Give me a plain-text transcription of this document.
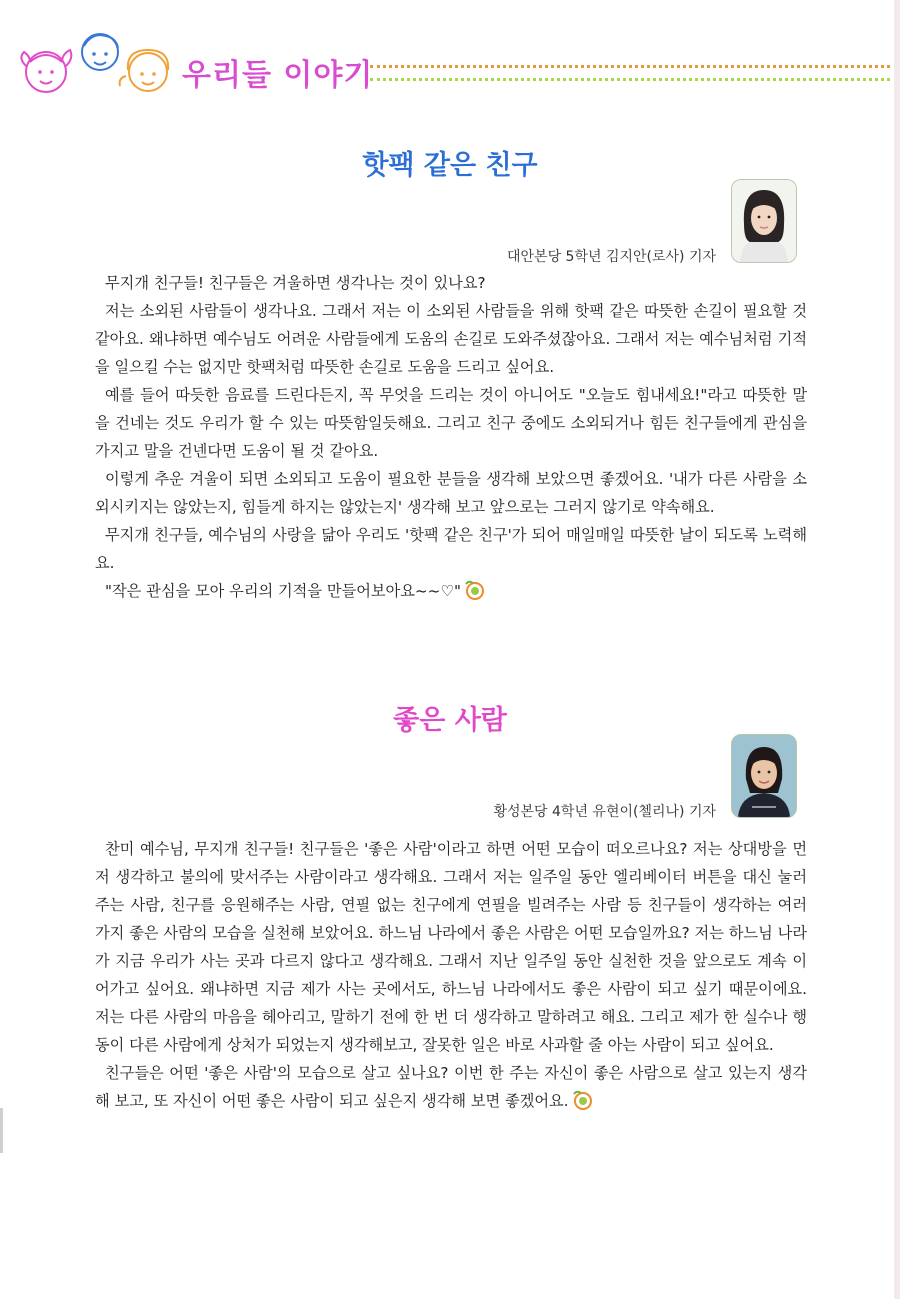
우리들 이야기
핫팩 같은 친구
대안본당 5학년 김지안(로사) 기자

무지개 친구들! 친구들은 겨울하면 생각나는 것이 있나요?

저는 소외된 사람들이 생각나요. 그래서 저는 이 소외된 사람들을 위해 핫팩 같은 따뜻한 손길이 필요할 것 같아요. 왜냐하면 예수님도 어려운 사람들에게 도움의 손길로 도와주셨잖아요. 그래서 저는 예수님처럼 기적을 일으킬 수는 없지만 핫팩처럼 따뜻한 손길로 도움을 드리고 싶어요.

예를 들어 따듯한 음료를 드린다든지, 꼭 무엇을 드리는 것이 아니어도 "오늘도 힘내세요!"라고 따뜻한 말을 건네는 것도 우리가 할 수 있는 따뜻함일듯해요. 그리고 친구 중에도 소외되거나 힘든 친구들에게 관심을 가지고 말을 건넨다면 도움이 될 것 같아요.

이렇게 추운 겨울이 되면 소외되고 도움이 필요한 분들을 생각해 보았으면 좋겠어요. '내가 다른 사람을 소외시키지는 않았는지, 힘들게 하지는 않았는지' 생각해 보고 앞으로는 그러지 않기로 약속해요.

무지개 친구들, 예수님의 사랑을 닮아 우리도 '핫팩 같은 친구'가 되어 매일매일 따뜻한 날이 되도록 노력해요.

"작은 관심을 모아 우리의 기적을 만들어보아요~~♡"

좋은 사람
황성본당 4학년 유현이(첼리나) 기자

찬미 예수님, 무지개 친구들! 친구들은 '좋은 사람'이라고 하면 어떤 모습이 떠오르나요? 저는 상대방을 먼저 생각하고 불의에 맞서주는 사람이라고 생각해요. 그래서 저는 일주일 동안 엘리베이터 버튼을 대신 눌러주는 사람, 친구를 응원해주는 사람, 연필 없는 친구에게 연필을 빌려주는 사람 등 친구들이 생각하는 여러 가지 좋은 사람의 모습을 실천해 보았어요. 하느님 나라에서 좋은 사람은 어떤 모습일까요? 저는 하느님 나라가 지금 우리가 사는 곳과 다르지 않다고 생각해요. 그래서 지난 일주일 동안 실천한 것을 앞으로도 계속 이어가고 싶어요. 왜냐하면 지금 제가 사는 곳에서도, 하느님 나라에서도 좋은 사람이 되고 싶기 때문이에요. 저는 다른 사람의 마음을 헤아리고, 말하기 전에 한 번 더 생각하고 말하려고 해요. 그리고 제가 한 실수나 행동이 다른 사람에게 상처가 되었는지 생각해보고, 잘못한 일은 바로 사과할 줄 아는 사람이 되고 싶어요.

친구들은 어떤 '좋은 사람'의 모습으로 살고 싶나요? 이번 한 주는 자신이 좋은 사람으로 살고 있는지 생각해 보고, 또 자신이 어떤 좋은 사람이 되고 싶은지 생각해 보면 좋겠어요.
